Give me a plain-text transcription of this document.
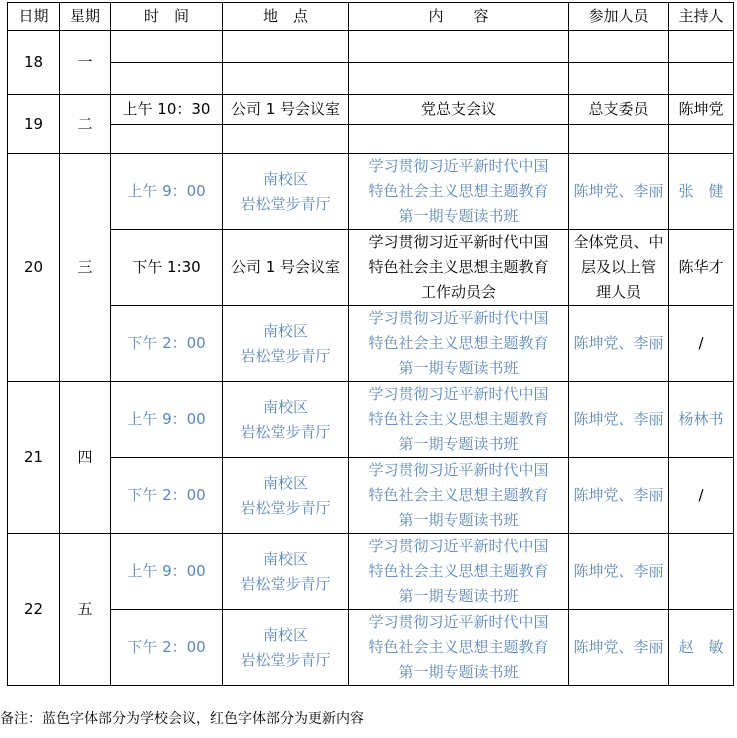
日期	星期	时　间	地　点	内　　容	参加人员	主持人
18	一					

19	二	上午 10：30	公司 1 号会议室	党总支会议	总支委员	陈坤党

20	三	上午 9：00	南校区
岩松堂步青厅	学习贯彻习近平新时代中国
特色社会主义思想主题教育
第一期专题读书班	陈坤党、李丽	张　健
		下午 1:30	公司 1 号会议室	学习贯彻习近平新时代中国
特色社会主义思想主题教育
工作动员会	全体党员、中
层及以上管
理人员	陈华才
		下午 2：00	南校区
岩松堂步青厅	学习贯彻习近平新时代中国
特色社会主义思想主题教育
第一期专题读书班	陈坤党、李丽	/
21	四	上午 9：00	南校区
岩松堂步青厅	学习贯彻习近平新时代中国
特色社会主义思想主题教育
第一期专题读书班	陈坤党、李丽	杨林书
		下午 2：00	南校区
岩松堂步青厅	学习贯彻习近平新时代中国
特色社会主义思想主题教育
第一期专题读书班	陈坤党、李丽	/
22	五	上午 9：00	南校区
岩松堂步青厅	学习贯彻习近平新时代中国
特色社会主义思想主题教育
第一期专题读书班	陈坤党、李丽	
		下午 2：00	南校区
岩松堂步青厅	学习贯彻习近平新时代中国
特色社会主义思想主题教育
第一期专题读书班	陈坤党、李丽	赵　敏
备注：蓝色字体部分为学校会议，红色字体部分为更新内容
